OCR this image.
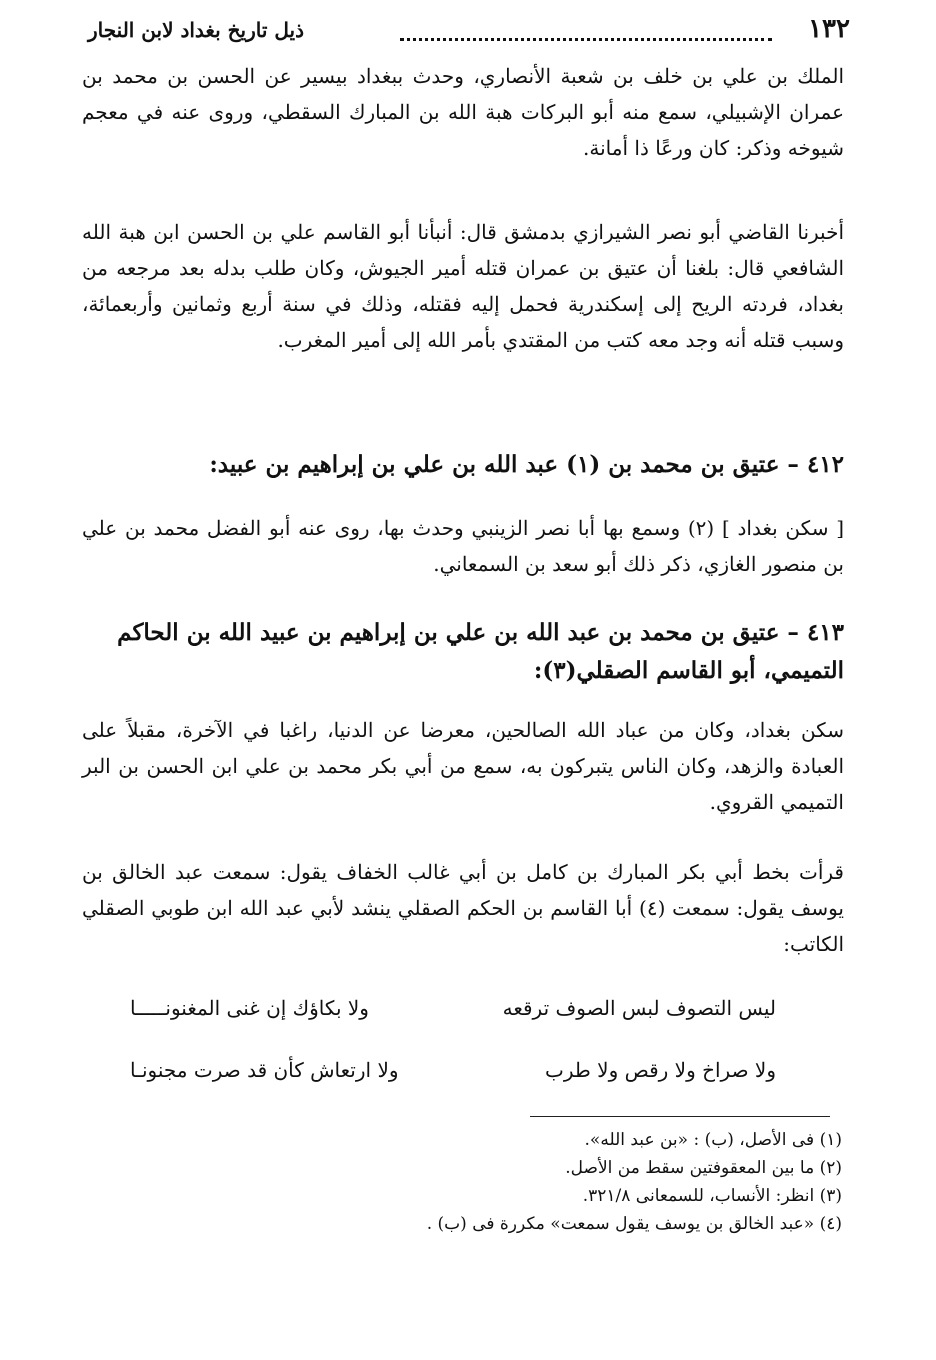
١٣٢
ذيل تاريخ بغداد لابن النجار
الملك بن علي بن خلف بن شعبة الأنصاري، وحدث ببغداد بيسير عن الحسن بن محمد بن عمران الإشبيلي، سمع منه أبو البركات هبة الله بن المبارك السقطي، وروى عنه في معجم شيوخه وذكر: كان ورعًا ذا أمانة.
أخبرنا القاضي أبو نصر الشيرازي بدمشق قال: أنبأنا أبو القاسم علي بن الحسن ابن هبة الله الشافعي قال: بلغنا أن عتيق بن عمران قتله أمير الجيوش، وكان طلب بدله بعد مرجعه من بغداد، فردته الريح إلى إسكندرية فحمل إليه فقتله، وذلك في سنة أربع وثمانين وأربعمائة، وسبب قتله أنه وجد معه كتب من المقتدي بأمر الله إلى أمير المغرب.
٤١٢ – عتيق بن محمد بن (١) عبد الله بن علي بن إبراهيم بن عبيد:
[ سكن بغداد ] (٢) وسمع بها أبا نصر الزينبي وحدث بها، روى عنه أبو الفضل محمد بن علي بن منصور الغازي، ذكر ذلك أبو سعد بن السمعاني.
٤١٣ – عتيق بن محمد بن عبد الله بن علي بن إبراهيم بن عبيد الله بن الحاكم
التميمي، أبو القاسم الصقلي(٣):
سكن بغداد، وكان من عباد الله الصالحين، معرضا عن الدنيا، راغبا في الآخرة، مقبلاً على العبادة والزهد، وكان الناس يتبركون به، سمع من أبي بكر محمد بن علي ابن الحسن بن البر التميمي القروي.
قرأت بخط أبي بكر المبارك بن كامل بن أبي غالب الخفاف يقول: سمعت عبد الخالق بن يوسف يقول: سمعت (٤) أبا القاسم بن الحكم الصقلي ينشد لأبي عبد الله ابن طوبي الصقلي الكاتب:
ليس التصوف لبس الصوف ترقعه
ولا بكاؤك إن غنى المغنونـــــا
ولا صراخ ولا رقص ولا طرب
ولا ارتعاش كأن قد صرت مجنونـا
(١) فى الأصل، (ب) : «بن عبد الله».
(٢) ما بين المعقوفتين سقط من الأصل.
(٣) انظر: الأنساب، للسمعانى ٣٢١/٨.
(٤) «عبد الخالق بن يوسف يقول سمعت» مكررة فى (ب) .
